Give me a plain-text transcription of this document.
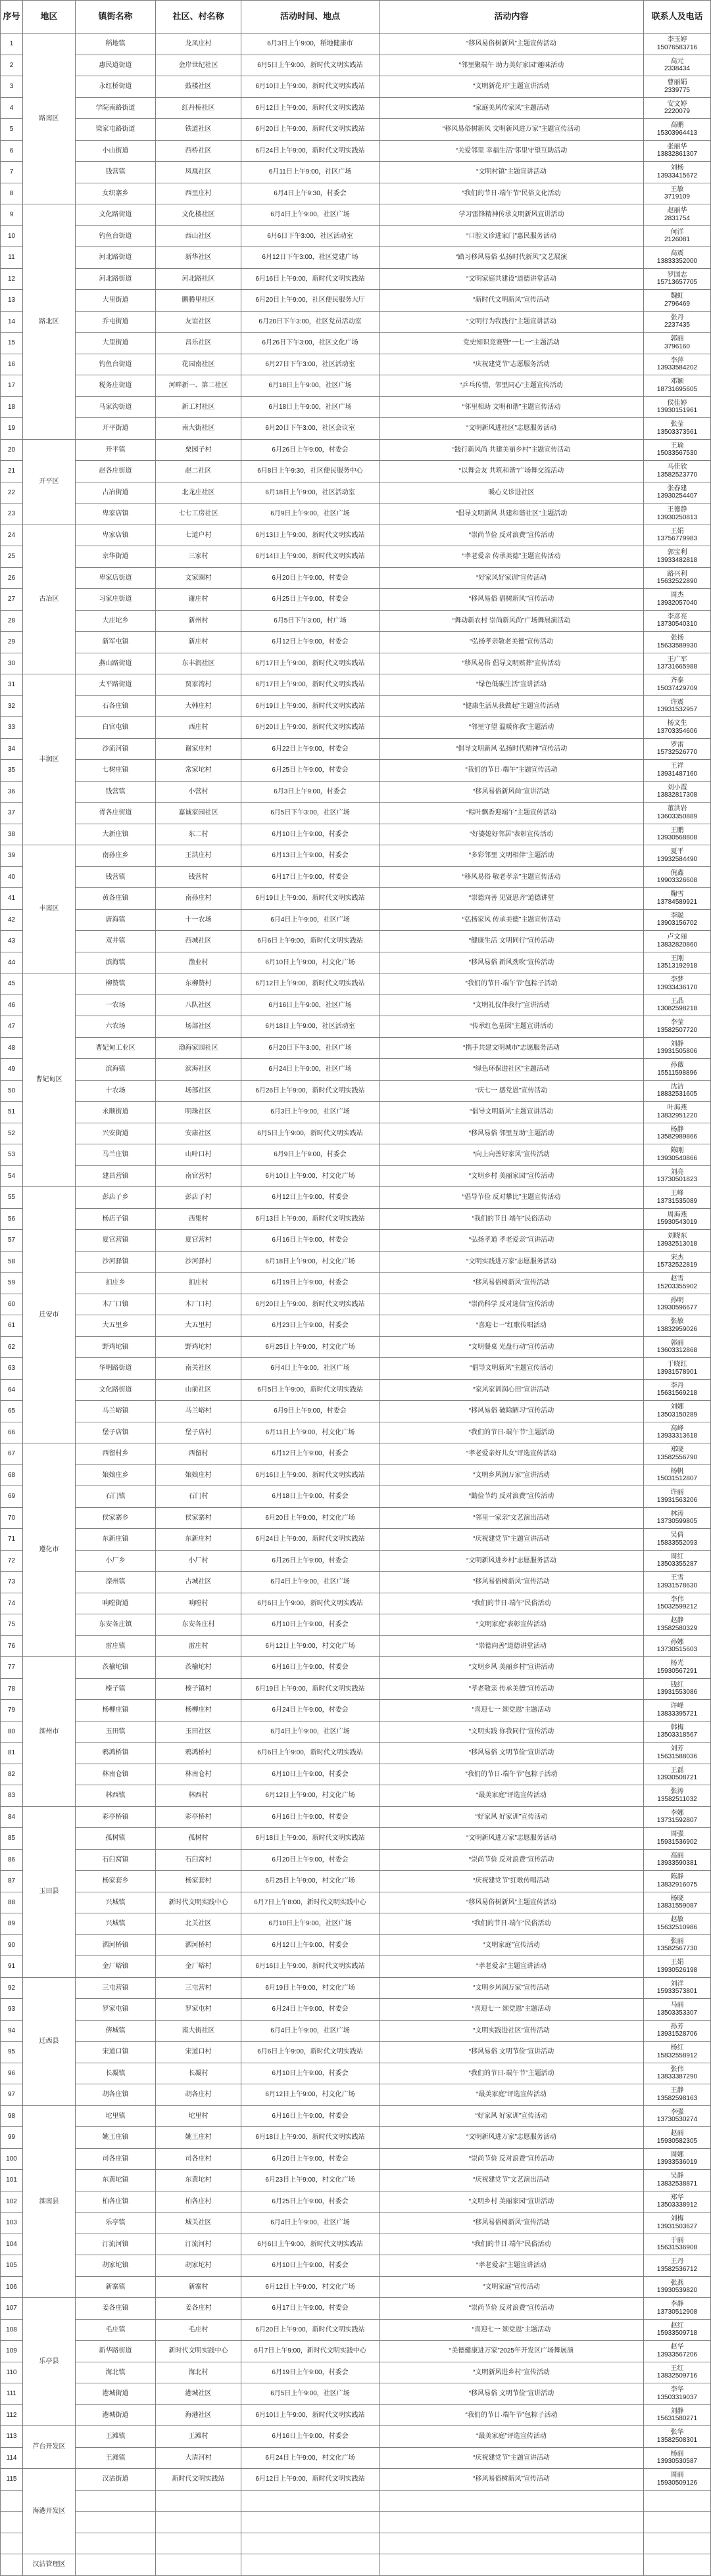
序号	地区	镇街名称	社区、村名称	活动时间、地点	活动内容	联系人及电话
1	路南区	稻地镇	龙凤庄村	6月3日上午9:00，稻地健康市	“移风易俗树新风”主题宣传活动	李玉婷
15076583716

2		惠民道街道	金岸世纪社区	6月5日上午9:00，新时代文明实践站	“邻里聚端午 助力美好家园”趣味活动	高元
2338434

3		永红桥街道	鼓楼社区	6月10日上午9:00，新时代文明实践站	“文明新花开”主题宣讲活动	曹丽娟
2339775

4		学院南路街道	红丹桥社区	6月12日上午9:00，新时代文明实践站	“家庭美风传家风”主题活动	安文婷
2220079

5		梁家屯路街道	铁道社区	6月20日上午9:00，新时代文明实践站	“移风易俗树新风 文明新风进万家”主题宣传活动	高鹏
15303964413

6		小山街道	西桥社区	6月24日上午9:00，新时代文明实践站	“关爱邻里 幸福生活”邻里守望互助活动	张丽华
13832861307

7		钱营镇	凤凰社区	6月11日上午9:00，社区广场	“文明村镇”主题宣讲活动	刘杨
13933415672

8		女织寨乡	西里庄村	6月4日上午9:30，村委会	“我们的节日·端午节”民俗文化活动	王敏
3719109

9	路北区	文化路街道	文化楼社区	6月4日上午9:00，社区广场	学习雷锋精神传承文明新风宣讲活动	赵丽华
2831754

10		钓鱼台街道	西山社区	6月6日下午3:00，社区活动室	“口腔义诊进家门”惠民服务活动	何洋
2126081

11		河北路街道	新华社区	6月12日下午3:00，社区党建广场	“踏习移风易俗 弘扬时代新风”文艺展演	高震
13833352000

12		河北路街道	河北路社区	6月16日上午9:00，新时代文明实践站	“文明家庭共建设”道德讲堂活动	罗国志
15713657705

13		大里街道	鹏腾里社区	6月20日上午9:00，社区便民服务大厅	“新时代文明新风”宣传活动	魏虹
2796469

14		乔屯街道	友谊社区	6月20日下午3:00，社区党员活动室	“文明行为我践行”主题宣讲活动	张丹
2237435

15		大里街道	昌乐社区	6月26日下午3:00，社区文化广场	党史知识竞赛暨“一七一”主题活动	郭丽
3796160

16		钓鱼台街道	花园南社区	6月27日下午3:00，社区活动室	“庆祝建党节”志愿服务活动	李萍
13933584202

17		税务庄街道	河畔新一、第二社区	6月18日上午9:00，社区广场	“乒乓传情，邻里同心”主题宣传活动	邓颖
18731695605

18		马家沟街道	新工村社区	6月18日上午9:00，社区广场	“邻里相助 文明和谐”主题宣传活动	侯佳婷
13930151961

19		开平街道	南大街社区	6月20日下午3:00，社区会议室	“文明新风进社区”志愿服务活动	张莹
13503373561

20	开平区	开平镇	栗园子村	6月26日上午9:00，村委会	“践行新风尚 共建美丽乡村”主题宣传活动	王瑜
15033567530

21		赵各庄街道	赵二社区	6月8日上午9:30，社区便民服务中心	“以舞会友 共筑和谐”广场舞交流活动	马佳欣
13582523770

22		古冶街道	北龙庄社区	6月18日上午9:00，社区活动室	暖心义诊进社区	张春建
13930254407

23		卑家店镇	七七工房社区	6月9日上午9:00，社区广场	“倡导文明新风 共建和谐社区”主题活动	王德静
13930250813

24	古冶区	卑家店镇	七道户村	6月13日上午9:00，新时代文明实践站	“崇尚节俭 反对浪费”宣传活动	王娟
13756779983

25		京华街道	三家村	6月14日上午9:00，新时代文明实践站	“孝老爱亲 传承美德”主题宣传活动	郭宝利
13933482818

26		卑家店街道	文家圈村	6月20日上午9:00，村委会	“好家风好家训”宣传活动	路兴利
15632522890

27		习家庄街道	谢庄村	6月25日上午9:00，村委会	“移风易俗 倡树新风”宣传活动	周杰
13932057040

28		大庄坨乡	新州村	6月5日下午3:00，村广场	“舞动新农村 崇尚新风尚”广场舞展演活动	李彦亮
13730540310

29		新军屯镇	新庄村	6月12日上午9:00，村委会	“弘扬孝亲敬老美德”宣传活动	张扬
15633589930

30		燕山路街道	东丰润社区	6月17日上午9:00，新时代文明实践站	“移风易俗 倡导文明殡葬”宣传活动	王广军
13731665988

31	丰润区	太平路街道	贾家湾村	6月17日上午9:00，新时代文明实践站	“绿色低碳生活”宣讲活动	齐泰
15037429709

32		石各庄镇	大韩庄村	6月19日上午9:00，新时代文明实践站	“健康生活从我做起”主题宣传活动	许震
13931532957

33		白官屯镇	西庄村	6月20日上午9:00，新时代文明实践站	“邻里守望 温暖你我”主题活动	杨文生
13703354606

34		沙流河镇	谢家庄村	6月22日上午9:00，村委会	“倡导文明新风 弘扬时代精神”宣传活动	罗雷
15732526770

35		七树庄镇	常家坨村	6月25日上午9:00，村委会	“我们的节日·端午”主题宣传活动	王祥
13931487160

36		钱营镇	小营村	6月3日上午9:00，村委会	“移风易俗新风尚”宣讲活动	刘小霞
13832817308

37		胥各庄街道	嘉诚家园社区	6月5日下午3:00，社区广场	“粽叶飘香迎端午”主题宣传活动	董洪岩
13603350889

38		大新庄镇	东二村	6月10日上午9:00，村委会	“好婆媳好邻居”表彰宣传活动	王鹏
13930568808

39	丰南区	南孙庄乡	王洪庄村	6月13日上午9:00，村委会	“多彩邻里 文明相伴”主题活动	夏平
13932584490

40		钱营镇	钱营村	6月17日上午9:00，村委会	“移风易俗 敬老孝亲”主题宣传活动	倪鑫
19903326608

41		黄各庄镇	南孙庄村	6月19日上午9:00，新时代文明实践站	“崇德向善 见贤思齐”道德讲堂	鞠雪
13784589921

42		唐海镇	十一农场	6月4日上午9:00，社区广场	“弘扬家风 传承美德”主题宣传活动	李聪
13903156702

43		双井镇	西城社区	6月6日上午9:00，新时代文明实践站	“健康生活 文明同行”宣传活动	卢文丽
13832820860

44		滨海镇	渔业村	6月10日上午9:00，村文化广场	“移风易俗 新风劲吹”宣传活动	王刚
13513192918

45	曹妃甸区	柳赞镇	东柳赞村	6月12日上午9:00，新时代文明实践站	“我们的节日·端午节”包粽子活动	李梦
13933436170

46		一农场	八队社区	6月16日上午9:00，社区广场	“文明礼仪伴我行”宣讲活动	王晶
13082598218

47		六农场	场部社区	6月18日上午9:00，社区活动室	“传承红色基因”主题宣讲活动	李莹
13582507720

48		曹妃甸工业区	渤海家园社区	6月20日下午3:00，社区广场	“携手共建文明城市”志愿服务活动	刘静
13931505806

49		滨海镇	滨海社区	6月24日上午9:00，社区广场	“绿色环保进社区”主题活动	孙薇
15511598896

50		十农场	场部社区	6月26日上午9:00，新时代文明实践站	“庆七一 感党恩”宣传活动	沈洁
18832531605

51		永顺街道	明珠社区	6月3日上午9:00，社区广场	“倡导文明新风”主题宣讲活动	叶海燕
13832951220

52		兴安街道	安康社区	6月5日上午9:00，新时代文明实践站	“移风易俗 邻里互助”主题活动	杨静
13582989866

53		马兰庄镇	山叶口村	6月9日上午9:00，村委会	“向上向善好家风”宣传活动	陈刚
13930540866

54		建昌营镇	南官营村	6月10日上午9:00，村文化广场	“文明乡村 美丽家园”宣传活动	刘亮
13730501823

55	迁安市	彭店子乡	彭店子村	6月12日上午9:00，村委会	“倡导节俭 反对攀比”主题宣传活动	王峰
13731535089

56		杨店子镇	西集村	6月13日上午9:00，新时代文明实践站	“我们的节日·端午”民俗活动	周海燕
15930543019

57		夏官营镇	夏官营村	6月16日上午9:00，村委会	“弘扬孝道 孝老爱亲”宣讲活动	刘晓东
13932513018

58		沙河驿镇	沙河驿村	6月18日上午9:00，村文化广场	“文明实践进万家”志愿服务活动	宋杰
15732522819

59		扣庄乡	扣庄村	6月19日上午9:00，村委会	“移风易俗树新风”宣传活动	赵雪
15203355902

60		木厂口镇	木厂口村	6月20日上午9:00，新时代文明实践站	“崇尚科学 反对迷信”宣传活动	孙明
13930596677

61		大五里乡	大五里村	6月23日上午9:00，村委会	“喜迎七一”红歌传唱活动	张敏
13832959026

62		野鸡坨镇	野鸡坨村	6月25日上午9:00，村文化广场	“文明餐桌 光盘行动”宣传活动	郭丽
13603312868

63		华明路街道	南关社区	6月4日上午9:00，社区广场	“倡导文明新风”主题宣传活动	于晓红
13931578901

64		文化路街道	山前社区	6月5日上午9:00，新时代文明实践站	“家风家训润心田”宣讲活动	李丹
15631569218

65		马兰峪镇	马兰峪村	6月9日上午9:00，村委会	“移风易俗 破除陋习”宣传活动	刘娜
13503150289

66		堡子店镇	堡子店村	6月11日上午9:00，村文化广场	“我们的节日·端午节”主题活动	高峰
13933313618

67	遵化市	西留村乡	西留村	6月12日上午9:00，村委会	“孝老爱亲好儿女”评选宣传活动	郑晓
13582556790

68		娘娘庄乡	娘娘庄村	6月16日上午9:00，新时代文明实践站	“文明乡风润万家”宣讲活动	杨帆
15031512807

69		石门镇	石门村	6月18日上午9:00，村委会	“勤俭节约 反对浪费”宣传活动	许丽
13931563206

70		侯家寨乡	侯家寨村	6月20日上午9:00，村文化广场	“邻里一家亲”文艺演出活动	林涛
13730599805

71		东新庄镇	东新庄村	6月24日上午9:00，新时代文明实践站	“庆祝建党节”主题宣讲活动	吴倩
15833552093

72		小厂乡	小厂村	6月26日上午9:00，村委会	“文明新风进乡村”志愿服务活动	周红
13503355287

73		滦州镇	古城社区	6月4日上午9:00，社区广场	“移风易俗树新风”宣传活动	王雪
13931578630

74		响嘡街道	响嘡村	6月6日上午9:00，新时代文明实践站	“我们的节日·端午”民俗活动	李伟
15032599212

75		东安各庄镇	东安各庄村	6月10日上午9:00，村委会	“文明家庭”表彰宣传活动	赵静
13582580329

76		雷庄镇	雷庄村	6月12日上午9:00，村文化广场	“崇德向善”道德讲堂活动	孙娜
13730515603

77	滦州市	茨榆坨镇	茨榆坨村	6月16日上午9:00，村委会	“文明乡风 美丽乡村”宣讲活动	杨光
15930567291

78		榛子镇	榛子镇村	6月19日上午9:00，新时代文明实践站	“孝老敬亲 传承美德”宣传活动	钱红
13931553086

79		杨柳庄镇	杨柳庄村	6月24日上午9:00，村委会	“喜迎七一 颂党恩”主题活动	许峰
13833395721

80		玉田镇	玉田社区	6月4日上午9:00，社区广场	“文明实践 你我同行”宣传活动	韩梅
13503318567

81		鸦鸿桥镇	鸦鸿桥村	6月6日上午9:00，新时代文明实践站	“移风易俗 文明节俭”宣讲活动	刘芳
15631588036

82		林南仓镇	林南仓村	6月10日上午9:00，村委会	“我们的节日·端午节”包粽子活动	王磊
13930508721

83		林西镇	林西村	6月12日上午9:00，村文化广场	“最美家庭”评选宣传活动	张涛
13582511032

84	玉田县	彩亭桥镇	彩亭桥村	6月16日上午9:00，村委会	“好家风 好家训”宣传活动	李娜
13731592807

85		孤树镇	孤树村	6月18日上午9:00，新时代文明实践站	“文明新风进万家”志愿服务活动	周强
15931536902

86		石臼窝镇	石臼窝村	6月20日上午9:00，村委会	“崇尚节俭 反对浪费”宣传活动	高丽
13933590381

87		杨家套乡	杨家套村	6月25日上午9:00，村文化广场	“庆祝建党节”红歌传唱活动	陈静
13832916075

88		兴城镇	新时代文明实践中心	6月7日上午8:00，新时代文明实践中心	“移风易俗树新风”主题宣传活动	杨晓
13831559087

89		兴城镇	北关社区	6月10日上午9:00，社区广场	“我们的节日·端午”民俗活动	赵敏
15632510986

90		洒河桥镇	洒河桥村	6月12日上午9:00，村委会	“文明家庭”宣传活动	张丽
13582567730

91		金厂峪镇	金厂峪村	6月16日上午9:00，新时代文明实践站	“孝老爱亲”主题宣讲活动	王娟
13930526198

92	迁西县	三屯营镇	三屯营村	6月19日上午9:00，村文化广场	“文明乡风润万家”宣传活动	刘洋
15933573801

93		罗家屯镇	罗家屯村	6月24日上午9:00，村委会	“喜迎七一 颂党恩”主题活动	马丽
13503353307

94		倴城镇	南大街社区	6月4日上午9:00，社区广场	“文明实践进社区”宣传活动	孙芳
13931528706

95		宋道口镇	宋道口村	6月6日上午9:00，新时代文明实践站	“移风易俗 文明节俭”宣讲活动	杨红
15832558912

96		长凝镇	长凝村	6月10日上午9:00，村委会	“我们的节日·端午节”主题活动	张伟
13833387290

97		胡各庄镇	胡各庄村	6月12日上午9:00，村文化广场	“最美家庭”评选宣传活动	王静
13582598163

98	滦南县	坨里镇	坨里村	6月16日上午9:00，村委会	“好家风 好家训”宣传活动	李强
13730530274

99		姚王庄镇	姚王庄村	6月18日上午9:00，新时代文明实践站	“文明新风进万家”志愿服务活动	赵丽
15930582305

100		司各庄镇	司各庄村	6月20日上午9:00，村委会	“崇尚节俭 反对浪费”宣传活动	周娜
13933536019

101		东黄坨镇	东黄坨村	6月23日上午9:00，村文化广场	“庆祝建党节”文艺演出活动	吴静
13832538871

102		柏各庄镇	柏各庄村	6月25日上午9:00，村委会	“文明乡村 美丽家园”宣讲活动	郑华
13503338912

103		乐亭镇	城关社区	6月4日上午9:00，社区广场	“移风易俗树新风”宣传活动	刘梅
13931503627

104		汀流河镇	汀流河村	6月6日上午9:00，新时代文明实践站	“我们的节日·端午”民俗活动	于丽
15631536908

105		胡家坨镇	胡家坨村	6月10日上午9:00，村委会	“孝老爱亲”主题宣讲活动	王丹
13582536712

106		新寨镇	新寨村	6月12日上午9:00，村文化广场	“文明家庭”宣传活动	张燕
13930539820

107	乐亭县	姜各庄镇	姜各庄村	6月17日上午9:00，村委会	“崇尚节俭 反对浪费”宣传活动	李静
13730512908

108		毛庄镇	毛庄村	6月20日上午9:00，新时代文明实践站	“喜迎七一 颂党恩”主题活动	赵红
15933509718

109		新华路街道	新时代文明实践中心	6月7日上午9:00，新时代文明实践中心	“美德健康进万家”2025年开发区广场舞展演	赵华
13933567206

110		海北镇	海北村	6月19日上午9:00，村委会	“文明新风进乡村”宣传活动	王红
13832509716

111		港城街道	港城社区	6月5日上午9:00，社区广场	“移风易俗 文明节俭”宣讲活动	李华
13503319037

112		港城街道	海港社区	6月10日上午9:00，新时代文明实践站	“我们的节日·端午节”包粽子活动	刘静
15631580271

113	芦台开发区	王滩镇	王滩村	6月16日上午9:00，村委会	“最美家庭”评选宣传活动	张华
13582508301

114		王滩镇	大清河村	6月24日上午9:00，村文化广场	“庆祝建党节”主题宣讲活动	杨丽
13930530587

115	海港开发区	汉沽街道	新时代文明实践站	6月12日上午9:00，新时代文明实践站	“移风易俗树新风”宣传活动	周丽
15930509126

	汉沽管理区					
